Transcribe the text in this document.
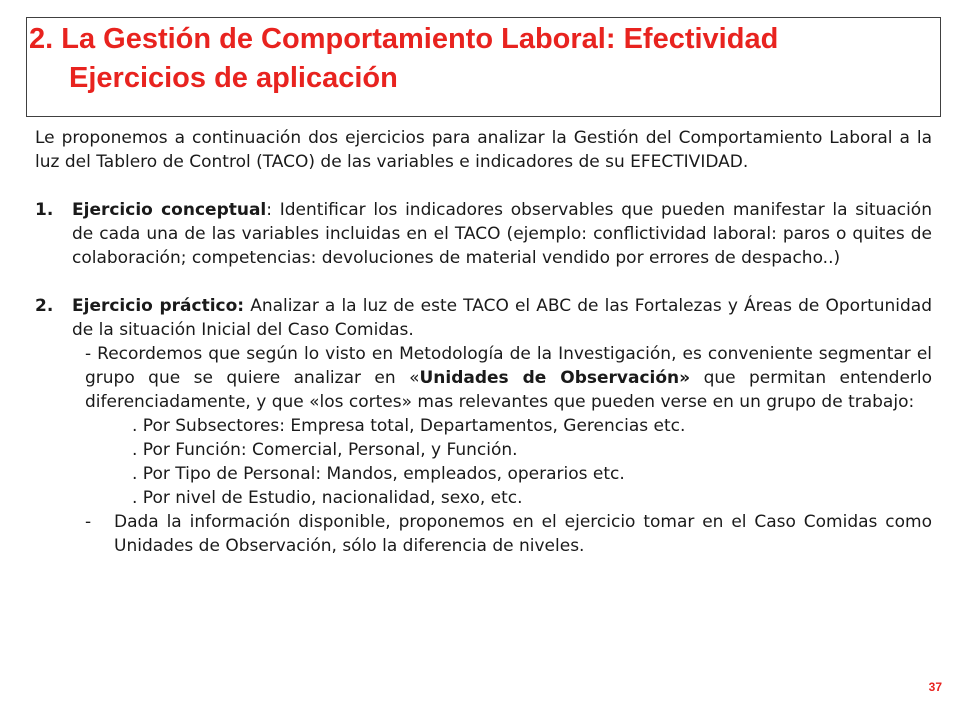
2. La Gestión de Comportamiento Laboral: Efectividad
Ejercicios de aplicación

Le proponemos a continuación dos ejercicios para analizar la Gestión del Comportamiento Laboral a la luz del Tablero de Control (TACO) de las variables e indicadores de su EFECTIVIDAD.

1. Ejercicio conceptual: Identificar los indicadores observables que pueden manifestar la situación de cada una de las variables incluidas en el TACO (ejemplo: conflictividad laboral: paros o quites de colaboración; competencias: devoluciones de material vendido por errores de despacho..)
2. Ejercicio práctico: Analizar a la luz de este TACO el ABC de las Fortalezas y Áreas de Oportunidad de la situación Inicial del Caso Comidas.

- Recordemos que según lo visto en Metodología de la Investigación, es conveniente segmentar el grupo que se quiere analizar en «Unidades de Observación» que permitan entenderlo diferenciadamente, y que «los cortes» mas relevantes que pueden verse en un grupo de trabajo:

. Por Subsectores: Empresa total, Departamentos, Gerencias etc.
. Por Función: Comercial, Personal, y Función.
. Por Tipo de Personal: Mandos, empleados, operarios etc.
. Por nivel de Estudio, nacionalidad, sexo, etc.

- Dada la información disponible, proponemos en el ejercicio tomar en el Caso Comidas como Unidades de Observación, sólo la diferencia de niveles.

37
